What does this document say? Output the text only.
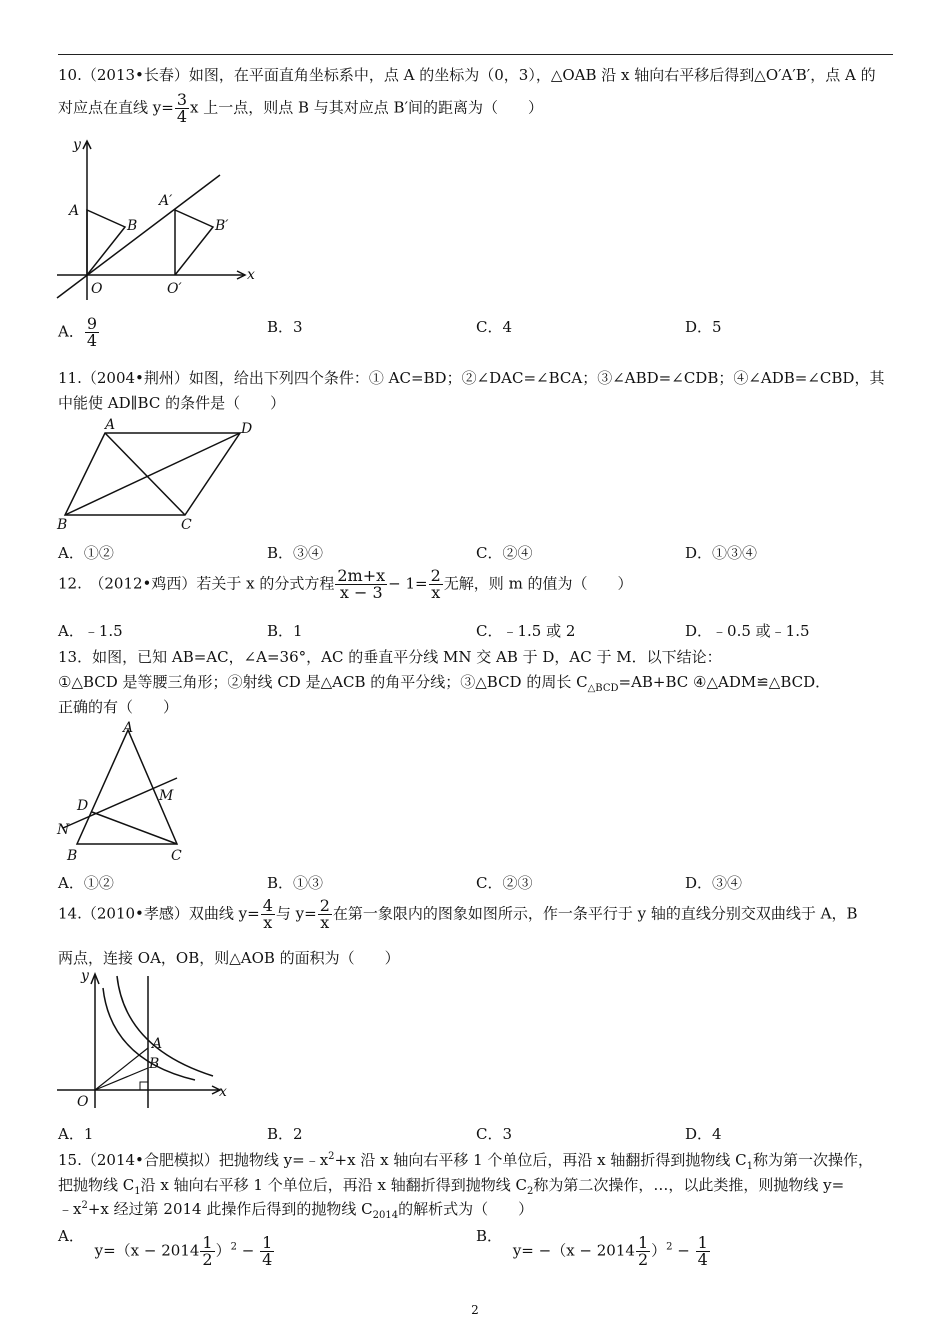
10.（2013•长春）如图，在平面直角坐标系中，点 A 的坐标为（0，3），△OAB 沿 x 轴向右平移后得到△O′A′B′，点 A 的
对应点在直线 $y= \frac{3}{4}$ x 上一点，则点 B 与其对应点 B′间的距离为（　　）
y
x
A
B
A′
B′
O	O′
A． $\frac{9}{4}$	B．3	C．4	D．5
11.（2004•荆州）如图，给出下列四个条件：① AC=BD；②∠DAC=∠BCA；③∠ABD=∠CDB；④∠ADB=∠CBD，其
中能使 AD∥BC 的条件是（　　）
A	D
B	C
A．①②	B．③④	C．②④	D．①③④
12.　（2012•鸡西）若关于 x 的分式方程 $\frac{2m+x}{x - 3} - 1= \frac{2}{x}$ 无解，则 m 的值为（　　）
A．﹣1.5	B．1	C．﹣1.5 或 2	D．﹣0.5 或﹣1.5
13．如图，已知 AB=AC，∠A=36°，AC 的垂直平分线 MN 交 AB 于 D，AC 于 M．以下结论：
①△BCD 是等腰三角形；②射线 CD 是△ACB 的角平分线；③△BCD 的周长 $C_{\triangle BCD}=AB+BC$ ④△ADM≌△BCD．
正确的有（　　）
A
D
M
N
B	C
A．①②	B．①③	C．②③	D．③④
14.（2010•孝感）双曲线 $y= \frac{4}{x}$ 与 $y= \frac{2}{x}$ 在第一象限内的图象如图所示，作一条平行于 y 轴的直线分别交双曲线于 A，B
两点，连接 OA，OB，则△AOB 的面积为（　　）
y
x
A
B
O
A．1	B．2	C．3	D．4
15.（2014•合肥模拟）把抛物线 $y=﹣x^2+x$ 沿 x 轴向右平移 1 个单位后，再沿 x 轴翻折得到抛物线 $C_1$称为第一次操作，
把抛物线 $C_1$沿 x 轴向右平移 1 个单位后，再沿 x 轴翻折得到抛物线 $C_2$称为第二次操作，…，以此类推，则抛物线 y=
$﹣x^2+x$ 经过第 2014 此操作后得到的抛物线 $C_{2014}$的解析式为（　　）
A． $y=(x - 2014 \frac{1}{2} )^2 - \frac{1}{4}$	B． $y= -(x - 2014 \frac{1}{2} )^2 - \frac{1}{4}$
2
